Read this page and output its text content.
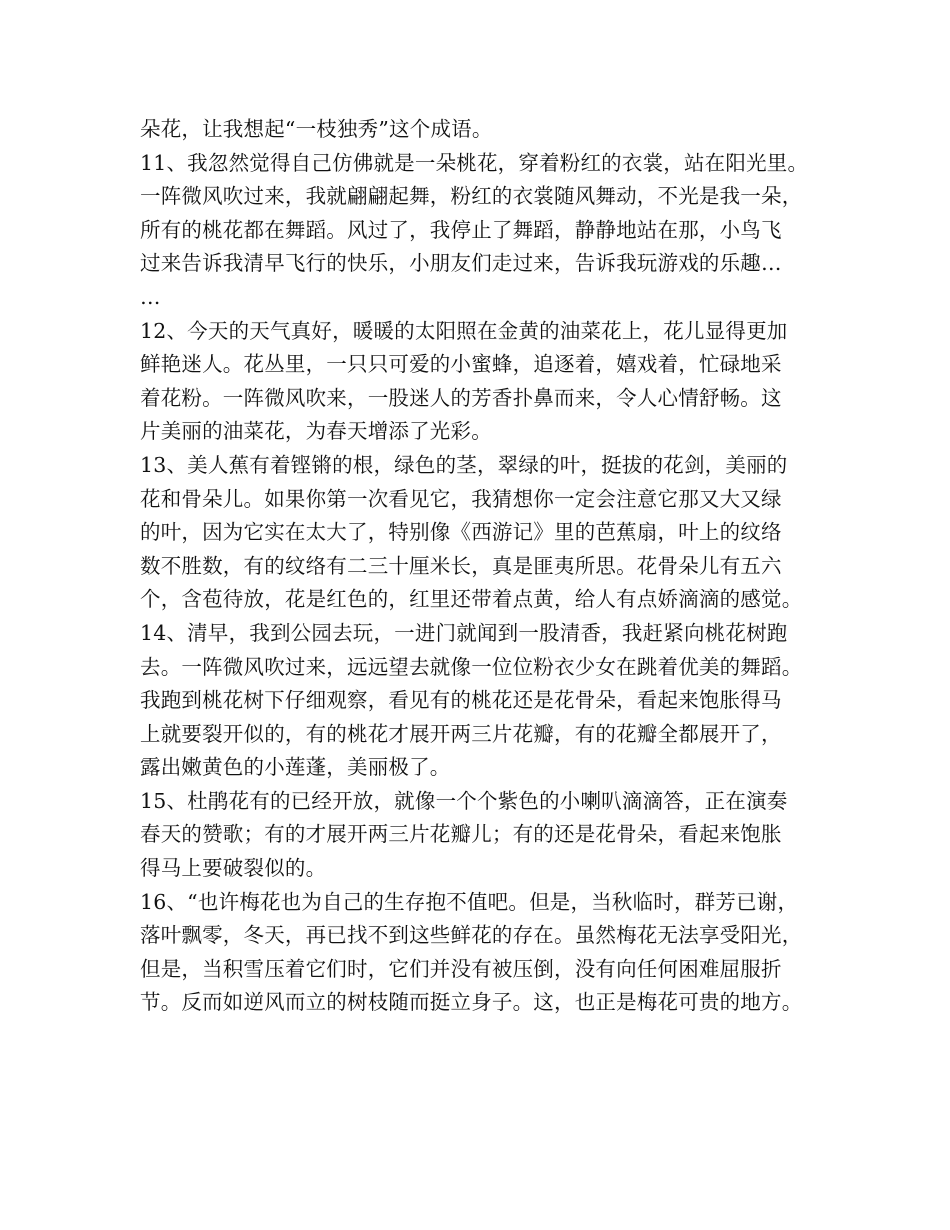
朵花，让我想起“一枝独秀”这个成语。
11、我忽然觉得自己仿佛就是一朵桃花，穿着粉红的衣裳，站在阳光里。
一阵微风吹过来，我就翩翩起舞，粉红的衣裳随风舞动，不光是我一朵，
所有的桃花都在舞蹈。风过了，我停止了舞蹈，静静地站在那，小鸟飞
过来告诉我清早飞行的快乐，小朋友们走过来，告诉我玩游戏的乐趣…
…
12、今天的天气真好，暖暖的太阳照在金黄的油菜花上，花儿显得更加
鲜艳迷人。花丛里，一只只可爱的小蜜蜂，追逐着，嬉戏着，忙碌地采
着花粉。一阵微风吹来，一股迷人的芳香扑鼻而来，令人心情舒畅。这
片美丽的油菜花，为春天增添了光彩。
13、美人蕉有着铿锵的根，绿色的茎，翠绿的叶，挺拔的花剑，美丽的
花和骨朵儿。如果你第一次看见它，我猜想你一定会注意它那又大又绿
的叶，因为它实在太大了，特别像《西游记》里的芭蕉扇，叶上的纹络
数不胜数，有的纹络有二三十厘米长，真是匪夷所思。花骨朵儿有五六
个，含苞待放，花是红色的，红里还带着点黄，给人有点娇滴滴的感觉。
14、清早，我到公园去玩，一进门就闻到一股清香，我赶紧向桃花树跑
去。一阵微风吹过来，远远望去就像一位位粉衣少女在跳着优美的舞蹈。
我跑到桃花树下仔细观察，看见有的桃花还是花骨朵，看起来饱胀得马
上就要裂开似的，有的桃花才展开两三片花瓣，有的花瓣全都展开了，
露出嫩黄色的小莲蓬，美丽极了。
15、杜鹃花有的已经开放，就像一个个紫色的小喇叭滴滴答，正在演奏
春天的赞歌；有的才展开两三片花瓣儿；有的还是花骨朵，看起来饱胀
得马上要破裂似的。
16、“也许梅花也为自己的生存抱不值吧。但是，当秋临时，群芳已谢，
落叶飘零，冬天，再已找不到这些鲜花的存在。虽然梅花无法享受阳光，
但是，当积雪压着它们时，它们并没有被压倒，没有向任何困难屈服折
节。反而如逆风而立的树枝随而挺立身子。这，也正是梅花可贵的地方。
